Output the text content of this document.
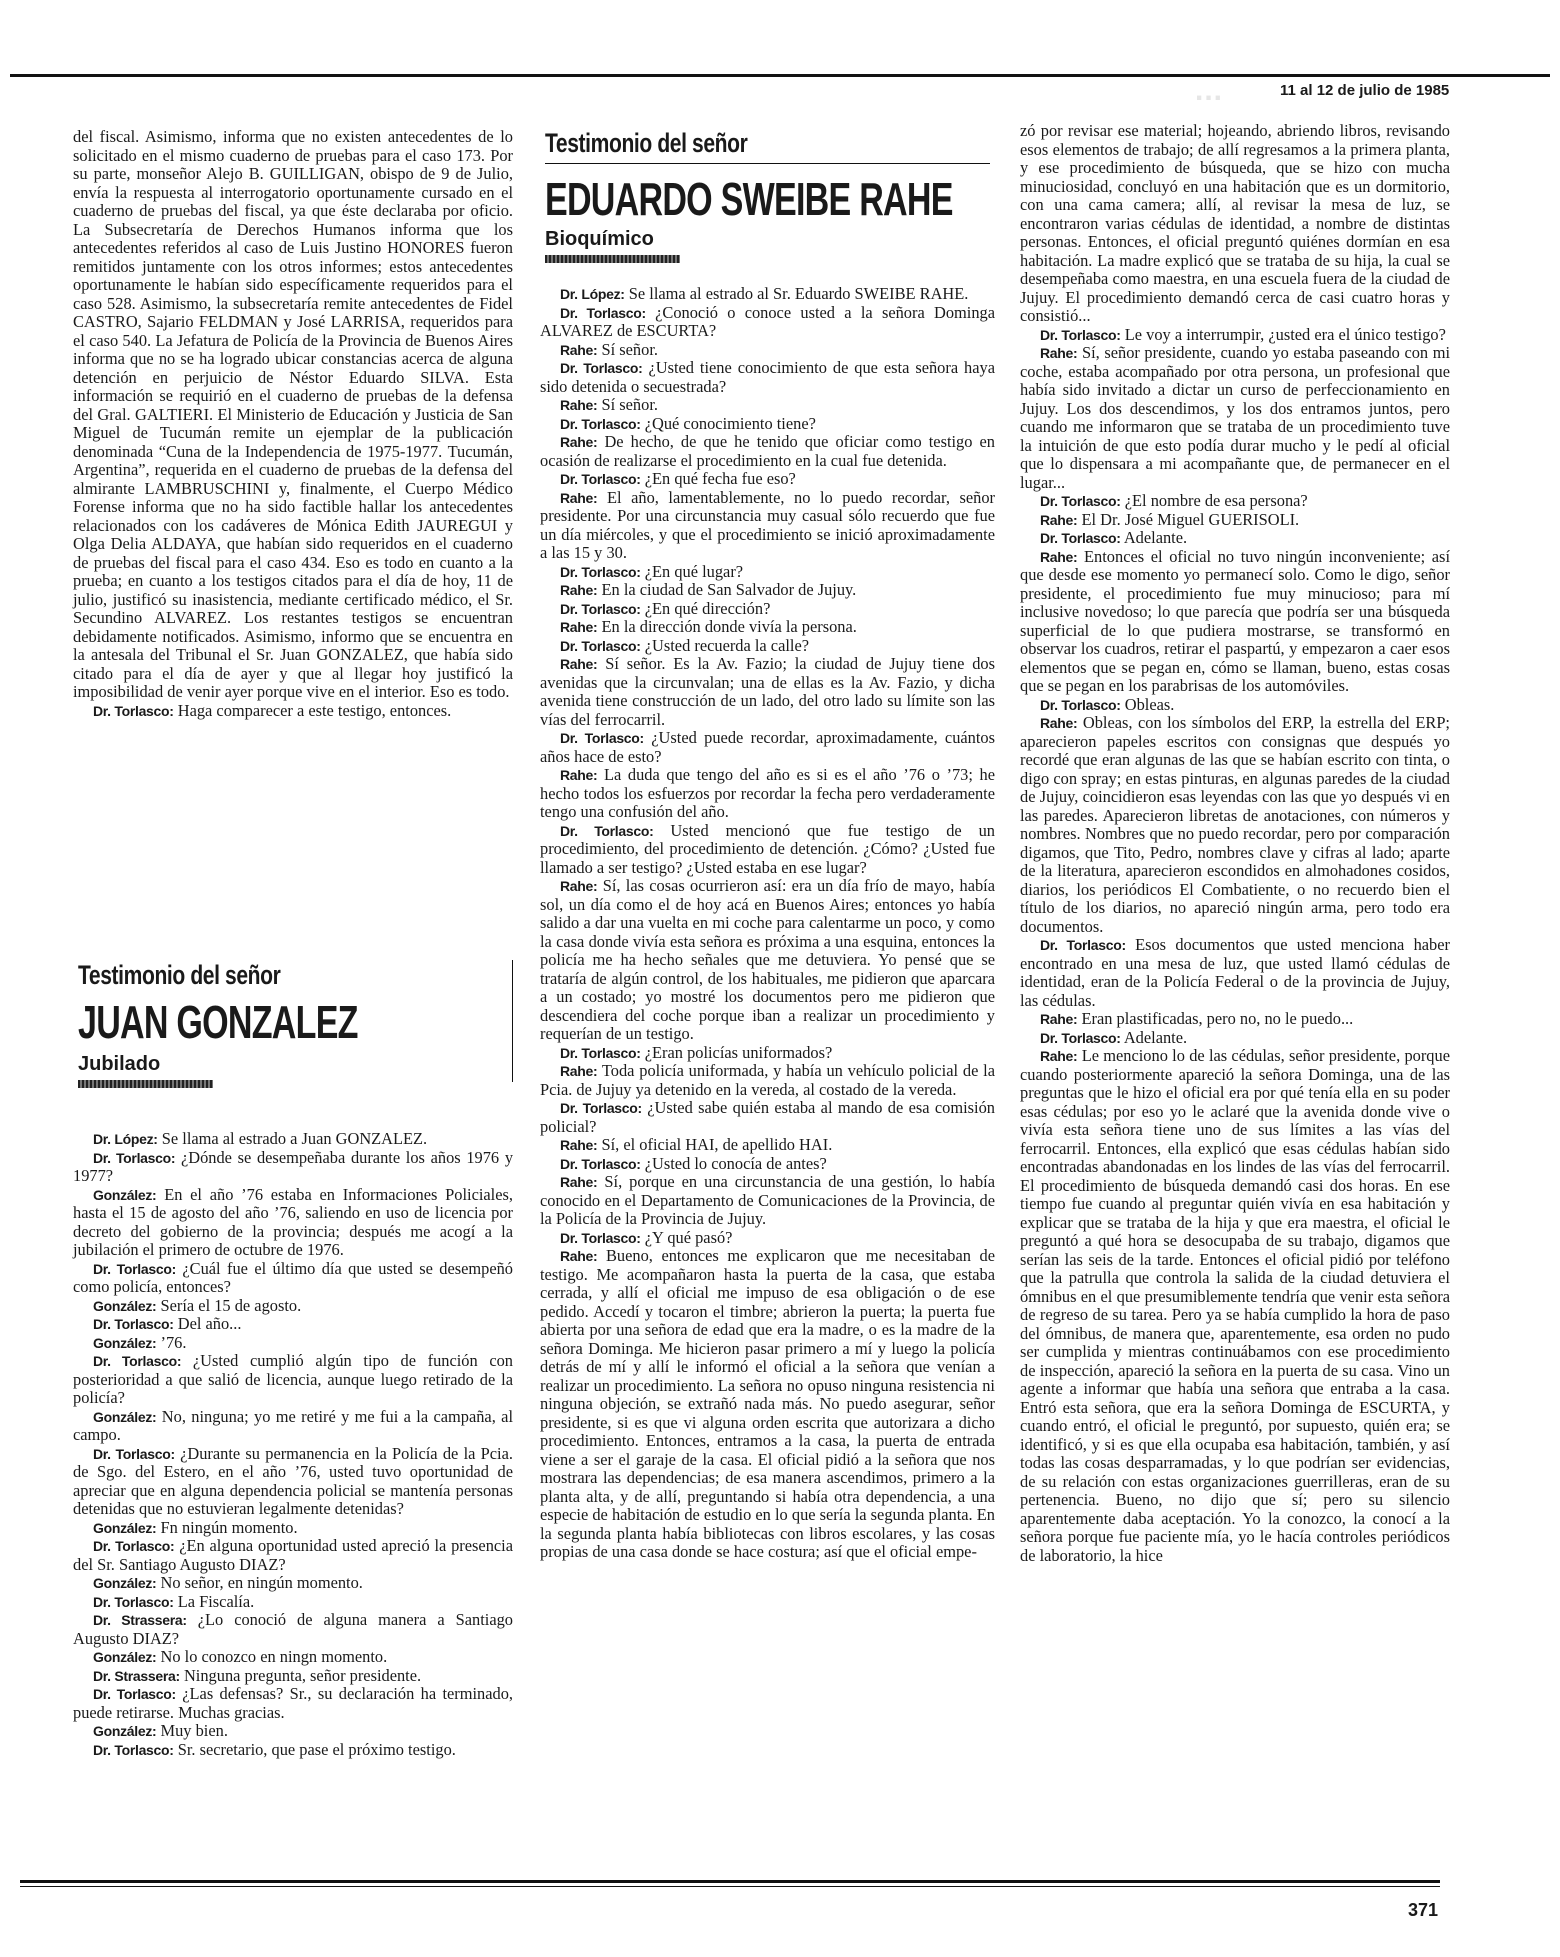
...	11 al 12 de julio de 1985

del fiscal. Asimismo, informa que no existen antecedentes de lo solicitado en el mismo cuaderno de pruebas para el caso 173. Por su parte, monseñor Alejo B. GUILLIGAN, obispo de 9 de Julio, envía la respuesta al interrogatorio oportunamente cursado en el cuaderno de pruebas del fiscal, ya que éste declaraba por oficio. La Subsecretaría de Derechos Humanos informa que los antecedentes referidos al caso de Luis Justino HONORES fueron remitidos juntamente con los otros informes; estos antecedentes oportunamente le habían sido específicamente requeridos para el caso 528. Asimismo, la subsecretaría remite antecedentes de Fidel CASTRO, Sajario FELDMAN y José LARRISA, requeridos para el caso 540. La Jefatura de Policía de la Provincia de Buenos Aires informa que no se ha logrado ubicar constancias acerca de alguna detención en perjuicio de Néstor Eduardo SILVA. Esta información se requirió en el cuaderno de pruebas de la defensa del Gral. GALTIERI. El Ministerio de Educación y Justicia de San Miguel de Tucumán remite un ejemplar de la publicación denominada “Cuna de la Independencia de 1975-1977. Tucumán, Argentina”, requerida en el cuaderno de pruebas de la defensa del almirante LAMBRUSCHINI y, finalmente, el Cuerpo Médico Forense informa que no ha sido factible hallar los antecedentes relacionados con los cadáveres de Mónica Edith JAUREGUI y Olga Delia ALDAYA, que habían sido requeridos en el cuaderno de pruebas del fiscal para el caso 434. Eso es todo en cuanto a la prueba; en cuanto a los testigos citados para el día de hoy, 11 de julio, justificó su inasistencia, mediante certificado médico, el Sr. Secundino ALVAREZ. Los restantes testigos se encuentran debidamente notificados. Asimismo, informo que se encuentra en la antesala del Tribunal el Sr. Juan GONZALEZ, que había sido citado para el día de ayer y que al llegar hoy justificó la imposibilidad de venir ayer porque vive en el interior. Eso es todo.

Dr. Torlasco: Haga comparecer a este testigo, entonces.

Testimonio del señor
JUAN GONZALEZ
Jubilado

Dr. López: Se llama al estrado a Juan GONZALEZ.

Dr. Torlasco: ¿Dónde se desempeñaba durante los años 1976 y 1977?

González: En el año ’76 estaba en Informaciones Policiales, hasta el 15 de agosto del año ’76, saliendo en uso de licencia por decreto del gobierno de la provincia; después me acogí a la jubilación el primero de octubre de 1976.

Dr. Torlasco: ¿Cuál fue el último día que usted se desempeñó como policía, entonces?

González: Sería el 15 de agosto.

Dr. Torlasco: Del año...

González: ’76.

Dr. Torlasco: ¿Usted cumplió algún tipo de función con posterioridad a que salió de licencia, aunque luego retirado de la policía?

González: No, ninguna; yo me retiré y me fui a la campaña, al campo.

Dr. Torlasco: ¿Durante su permanencia en la Policía de la Pcia. de Sgo. del Estero, en el año ’76, usted tuvo oportunidad de apreciar que en alguna dependencia policial se mantenía personas detenidas que no estuvieran legalmente detenidas?

González: Fn ningún momento.

Dr. Torlasco: ¿En alguna oportunidad usted apreció la presencia del Sr. Santiago Augusto DIAZ?

González: No señor, en ningún momento.

Dr. Torlasco: La Fiscalía.

Dr. Strassera: ¿Lo conoció de alguna manera a Santiago Augusto DIAZ?

González: No lo conozco en ningn momento.

Dr. Strassera: Ninguna pregunta, señor presidente.

Dr. Torlasco: ¿Las defensas? Sr., su declaración ha terminado, puede retirarse. Muchas gracias.

González: Muy bien.

Dr. Torlasco: Sr. secretario, que pase el próximo testigo.

Testimonio del señor
EDUARDO SWEIBE RAHE
Bioquímico

Dr. López: Se llama al estrado al Sr. Eduardo SWEIBE RAHE.

Dr. Torlasco: ¿Conoció o conoce usted a la señora Dominga ALVAREZ de ESCURTA?

Rahe: Sí señor.

Dr. Torlasco: ¿Usted tiene conocimiento de que esta señora haya sido detenida o secuestrada?

Rahe: Sí señor.

Dr. Torlasco: ¿Qué conocimiento tiene?

Rahe: De hecho, de que he tenido que oficiar como testigo en ocasión de realizarse el procedimiento en la cual fue detenida.

Dr. Torlasco: ¿En qué fecha fue eso?

Rahe: El año, lamentablemente, no lo puedo recordar, señor presidente. Por una circunstancia muy casual sólo recuerdo que fue un día miércoles, y que el procedimiento se inició aproximadamente a las 15 y 30.

Dr. Torlasco: ¿En qué lugar?

Rahe: En la ciudad de San Salvador de Jujuy.

Dr. Torlasco: ¿En qué dirección?

Rahe: En la dirección donde vivía la persona.

Dr. Torlasco: ¿Usted recuerda la calle?

Rahe: Sí señor. Es la Av. Fazio; la ciudad de Jujuy tiene dos avenidas que la circunvalan; una de ellas es la Av. Fazio, y dicha avenida tiene construcción de un lado, del otro lado su límite son las vías del ferrocarril.

Dr. Torlasco: ¿Usted puede recordar, aproximadamente, cuántos años hace de esto?

Rahe: La duda que tengo del año es si es el año ’76 o ’73; he hecho todos los esfuerzos por recordar la fecha pero verdaderamente tengo una confusión del año.

Dr. Torlasco: Usted mencionó que fue testigo de un procedimiento, del procedimiento de detención. ¿Cómo? ¿Usted fue llamado a ser testigo? ¿Usted estaba en ese lugar?

Rahe: Sí, las cosas ocurrieron así: era un día frío de mayo, había sol, un día como el de hoy acá en Buenos Aires; entonces yo había salido a dar una vuelta en mi coche para calentarme un poco, y como la casa donde vivía esta señora es próxima a una esquina, entonces la policía me ha hecho señales que me detuviera. Yo pensé que se trataría de algún control, de los habituales, me pidieron que aparcara a un costado; yo mostré los documentos pero me pidieron que descendiera del coche porque iban a realizar un procedimiento y requerían de un testigo.

Dr. Torlasco: ¿Eran policías uniformados?

Rahe: Toda policía uniformada, y había un vehículo policial de la Pcia. de Jujuy ya detenido en la vereda, al costado de la vereda.

Dr. Torlasco: ¿Usted sabe quién estaba al mando de esa comisión policial?

Rahe: Sí, el oficial HAI, de apellido HAI.

Dr. Torlasco: ¿Usted lo conocía de antes?

Rahe: Sí, porque en una circunstancia de una gestión, lo había conocido en el Departamento de Comunicaciones de la Provincia, de la Policía de la Provincia de Jujuy.

Dr. Torlasco: ¿Y qué pasó?

Rahe: Bueno, entonces me explicaron que me necesitaban de testigo. Me acompañaron hasta la puerta de la casa, que estaba cerrada, y allí el oficial me impuso de esa obligación o de ese pedido. Accedí y tocaron el timbre; abrieron la puerta; la puerta fue abierta por una señora de edad que era la madre, o es la madre de la señora Dominga. Me hicieron pasar primero a mí y luego la policía detrás de mí y allí le informó el oficial a la señora que venían a realizar un procedimiento. La señora no opuso ninguna resistencia ni ninguna objeción, se extrañó nada más. No puedo asegurar, señor presidente, si es que vi alguna orden escrita que autorizara a dicho procedimiento. Entonces, entramos a la casa, la puerta de entrada viene a ser el garaje de la casa. El oficial pidió a la señora que nos mostrara las dependencias; de esa manera ascendimos, primero a la planta alta, y de allí, preguntando si había otra dependencia, a una especie de habitación de estudio en lo que sería la segunda planta. En la segunda planta había bibliotecas con libros escolares, y las cosas propias de una casa donde se hace costura; así que el oficial empe-

zó por revisar ese material; hojeando, abriendo libros, revisando esos elementos de trabajo; de allí regresamos a la primera planta, y ese procedimiento de búsqueda, que se hizo con mucha minuciosidad, concluyó en una habitación que es un dormitorio, con una cama camera; allí, al revisar la mesa de luz, se encontraron varias cédulas de identidad, a nombre de distintas personas. Entonces, el oficial preguntó quiénes dormían en esa habitación. La madre explicó que se trataba de su hija, la cual se desempeñaba como maestra, en una escuela fuera de la ciudad de Jujuy. El procedimiento demandó cerca de casi cuatro horas y consistió...

Dr. Torlasco: Le voy a interrumpir, ¿usted era el único testigo?

Rahe: Sí, señor presidente, cuando yo estaba paseando con mi coche, estaba acompañado por otra persona, un profesional que había sido invitado a dictar un curso de perfeccionamiento en Jujuy. Los dos descendimos, y los dos entramos juntos, pero cuando me informaron que se trataba de un procedimiento tuve la intuición de que esto podía durar mucho y le pedí al oficial que lo dispensara a mi acompañante que, de permanecer en el lugar...

Dr. Torlasco: ¿El nombre de esa persona?

Rahe: El Dr. José Miguel GUERISOLI.

Dr. Torlasco: Adelante.

Rahe: Entonces el oficial no tuvo ningún inconveniente; así que desde ese momento yo permanecí solo. Como le digo, señor presidente, el procedimiento fue muy minucioso; para mí inclusive novedoso; lo que parecía que podría ser una búsqueda superficial de lo que pudiera mostrarse, se transformó en observar los cuadros, retirar el paspartú, y empezaron a caer esos elementos que se pegan en, cómo se llaman, bueno, estas cosas que se pegan en los parabrisas de los automóviles.

Dr. Torlasco: Obleas.

Rahe: Obleas, con los símbolos del ERP, la estrella del ERP; aparecieron papeles escritos con consignas que después yo recordé que eran algunas de las que se habían escrito con tinta, o digo con spray; en estas pinturas, en algunas paredes de la ciudad de Jujuy, coincidieron esas leyendas con las que yo después vi en las paredes. Aparecieron libretas de anotaciones, con números y nombres. Nombres que no puedo recordar, pero por comparación digamos, que Tito, Pedro, nombres clave y cifras al lado; aparte de la literatura, aparecieron escondidos en almohadones cosidos, diarios, los periódicos El Combatiente, o no recuerdo bien el título de los diarios, no apareció ningún arma, pero todo era documentos.

Dr. Torlasco: Esos documentos que usted menciona haber encontrado en una mesa de luz, que usted llamó cédulas de identidad, eran de la Policía Federal o de la provincia de Jujuy, las cédulas.

Rahe: Eran plastificadas, pero no, no le puedo...

Dr. Torlasco: Adelante.

Rahe: Le menciono lo de las cédulas, señor presidente, porque cuando posteriormente apareció la señora Dominga, una de las preguntas que le hizo el oficial era por qué tenía ella en su poder esas cédulas; por eso yo le aclaré que la avenida donde vive o vivía esta señora tiene uno de sus límites a las vías del ferrocarril. Entonces, ella explicó que esas cédulas habían sido encontradas abandonadas en los lindes de las vías del ferrocarril. El procedimiento de búsqueda demandó casi dos horas. En ese tiempo fue cuando al preguntar quién vivía en esa habitación y explicar que se trataba de la hija y que era maestra, el oficial le preguntó a qué hora se desocupaba de su trabajo, digamos que serían las seis de la tarde. Entonces el oficial pidió por teléfono que la patrulla que controla la salida de la ciudad detuviera el ómnibus en el que presumiblemente tendría que venir esta señora de regreso de su tarea. Pero ya se había cumplido la hora de paso del ómnibus, de manera que, aparentemente, esa orden no pudo ser cumplida y mientras continuábamos con ese procedimiento de inspección, apareció la señora en la puerta de su casa. Vino un agente a informar que había una señora que entraba a la casa. Entró esta señora, que era la señora Dominga de ESCURTA, y cuando entró, el oficial le preguntó, por supuesto, quién era; se identificó, y si es que ella ocupaba esa habitación, también, y así todas las cosas desparramadas, y lo que podrían ser evidencias, de su relación con estas organizaciones guerrilleras, eran de su pertenencia. Bueno, no dijo que sí; pero su silencio aparentemente daba aceptación. Yo la conozco, la conocí a la señora porque fue paciente mía, yo le hacía controles periódicos de laboratorio, la hice

371
